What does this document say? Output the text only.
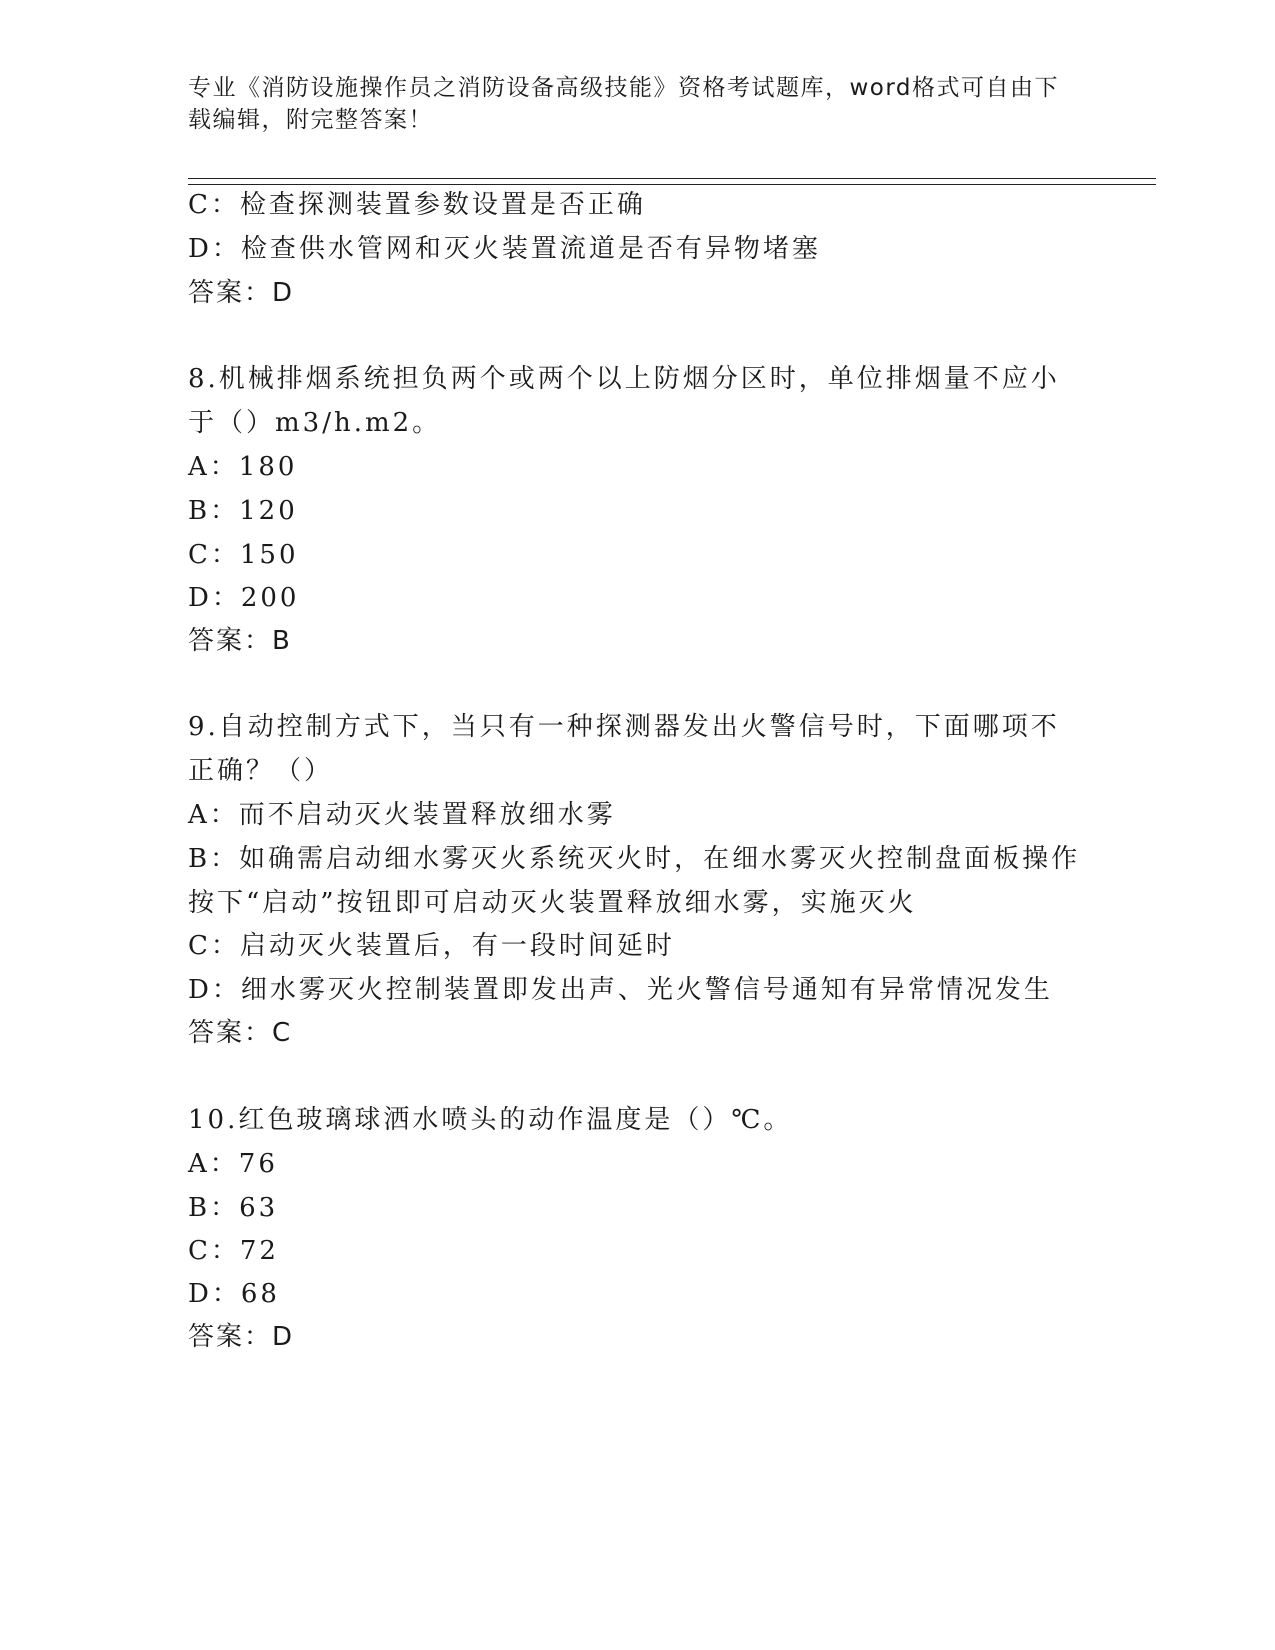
专业《消防设施操作员之消防设备高级技能》资格考试题库，word格式可自由下
载编辑，附完整答案！
C：检查探测装置参数设置是否正确
D：检查供水管网和灭火装置流道是否有异物堵塞
答案：D
8.机械排烟系统担负两个或两个以上防烟分区时，单位排烟量不应小
于（）m3/h.m2。
A：180
B：120
C：150
D：200
答案：B
9.自动控制方式下，当只有一种探测器发出火警信号时，下面哪项不
正确？（）
A：而不启动灭火装置释放细水雾
B：如确需启动细水雾灭火系统灭火时，在细水雾灭火控制盘面板操作
按下“启动”按钮即可启动灭火装置释放细水雾，实施灭火
C：启动灭火装置后，有一段时间延时
D：细水雾灭火控制装置即发出声、光火警信号通知有异常情况发生
答案：C
10.红色玻璃球洒水喷头的动作温度是（）℃。
A：76
B：63
C：72
D：68
答案：D
